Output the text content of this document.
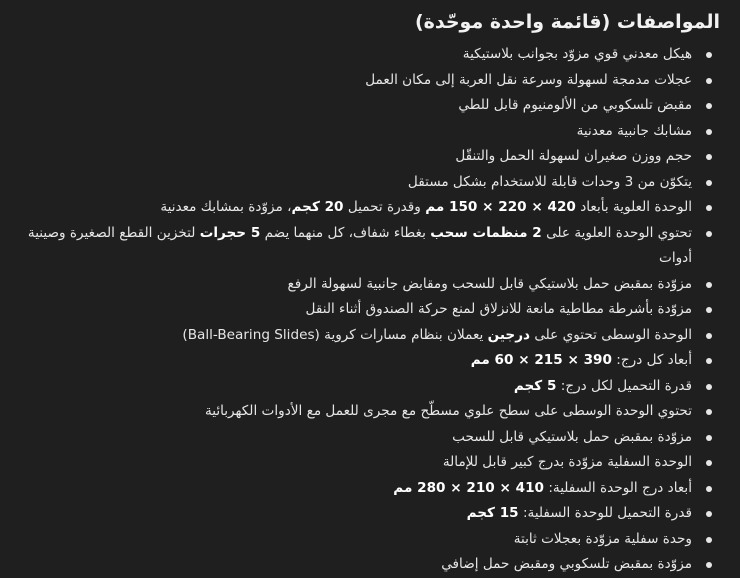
المواصفات (قائمة واحدة موحّدة)
هيكل معدني قوي مزوّد بجوانب بلاستيكية
عجلات مدمجة لسهولة وسرعة نقل العربة إلى مكان العمل
مقبض تلسكوبي من الألومنيوم قابل للطي
مشابك جانبية معدنية
حجم ووزن صغيران لسهولة الحمل والتنقّل
يتكوّن من 3 وحدات قابلة للاستخدام بشكل مستقل
الوحدة العلوية بأبعاد 420 × 220 × 150 مم وقدرة تحميل 20 كجم، مزوّدة بمشابك معدنية
تحتوي الوحدة العلوية على 2 منظمات سحب بغطاء شفاف، كل منهما يضم 5 حجرات لتخزين القطع الصغيرة وصينية أدوات
مزوّدة بمقبض حمل بلاستيكي قابل للسحب ومقابض جانبية لسهولة الرفع
مزوّدة بأشرطة مطاطية مانعة للانزلاق لمنع حركة الصندوق أثناء النقل
الوحدة الوسطى تحتوي على درجين يعملان بنظام مسارات كروية (Ball-Bearing Slides)
أبعاد كل درج: 390 × 215 × 60 مم
قدرة التحميل لكل درج: 5 كجم
تحتوي الوحدة الوسطى على سطح علوي مسطّح مع مجرى للعمل مع الأدوات الكهربائية
مزوّدة بمقبض حمل بلاستيكي قابل للسحب
الوحدة السفلية مزوّدة بدرج كبير قابل للإمالة
أبعاد درج الوحدة السفلية: 410 × 210 × 280 مم
قدرة التحميل للوحدة السفلية: 15 كجم
وحدة سفلية مزوّدة بعجلات ثابتة
مزوّدة بمقبض تلسكوبي ومقبض حمل إضافي
